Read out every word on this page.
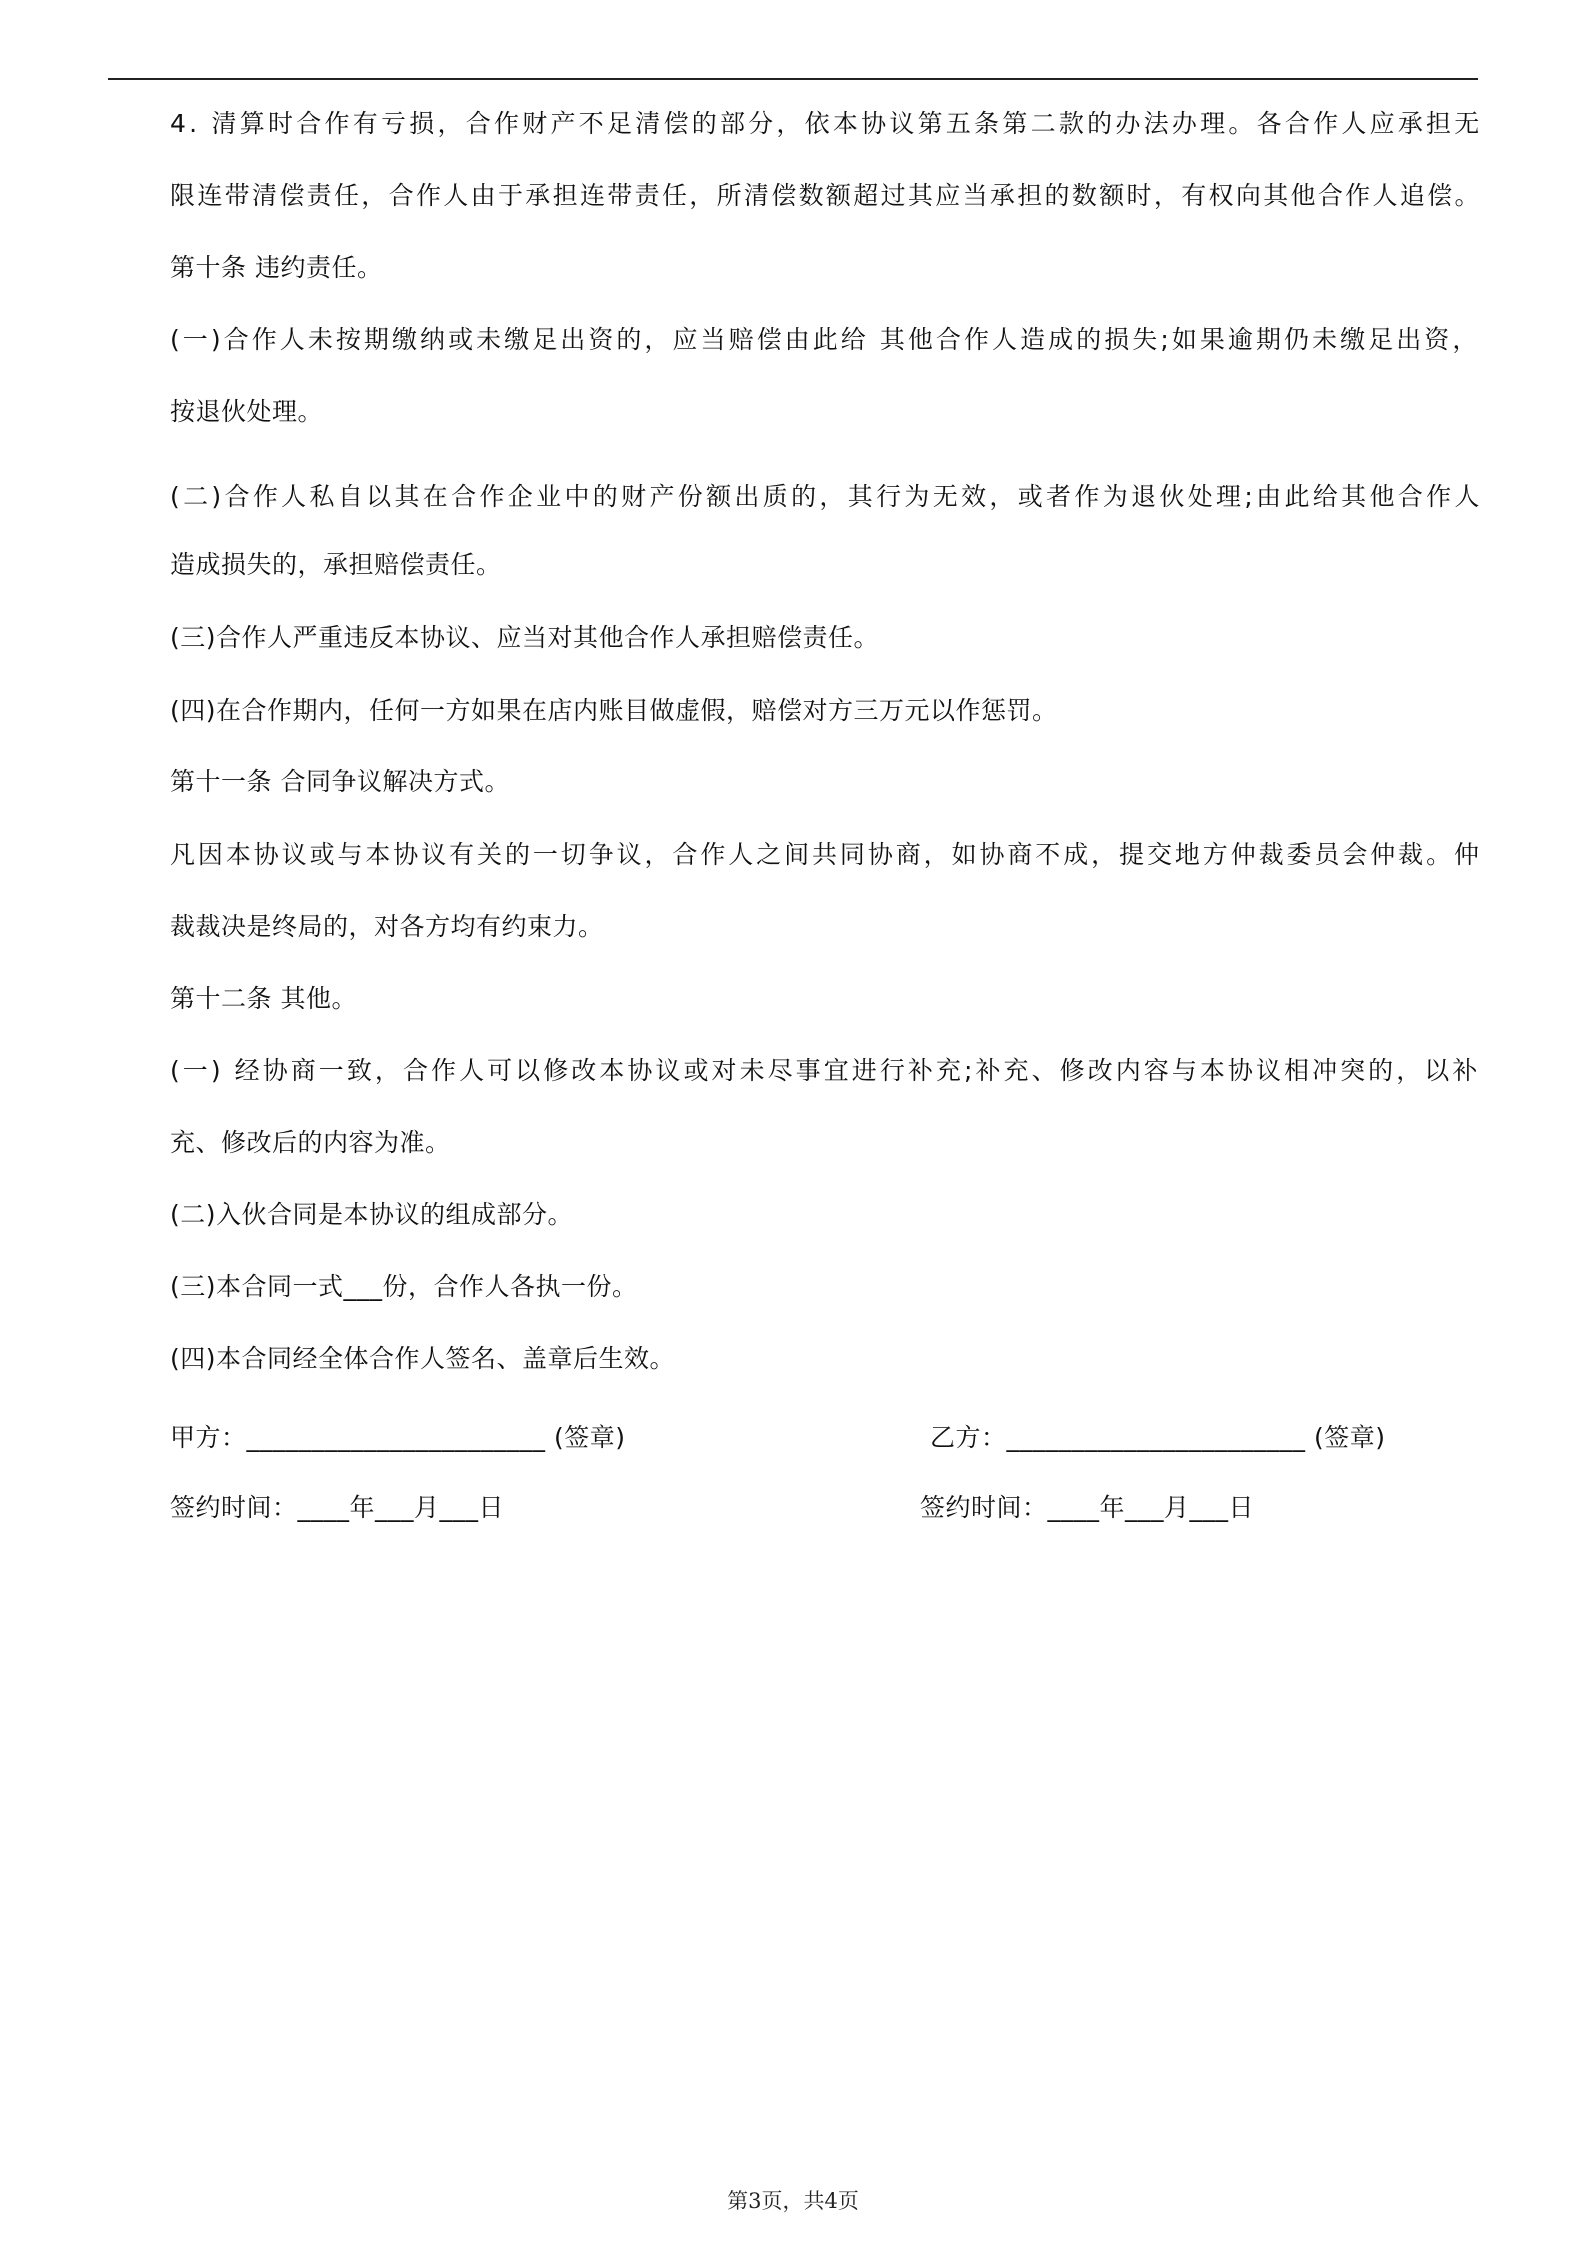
4. 清算时合作有亏损，合作财产不足清偿的部分，依本协议第五条第二款的办法办理。各合作人应承担无
限连带清偿责任，合作人由于承担连带责任，所清偿数额超过其应当承担的数额时，有权向其他合作人追偿。
第十条 违约责任。
(一)合作人未按期缴纳或未缴足出资的，应当赔偿由此给 其他合作人造成的损失;如果逾期仍未缴足出资，
按退伙处理。
(二)合作人私自以其在合作企业中的财产份额出质的，其行为无效，或者作为退伙处理;由此给其他合作人
造成损失的，承担赔偿责任。
(三)合作人严重违反本协议、应当对其他合作人承担赔偿责任。
(四)在合作期内，任何一方如果在店内账目做虚假，赔偿对方三万元以作惩罚。
第十一条 合同争议解决方式。
凡因本协议或与本协议有关的一切争议，合作人之间共同协商，如协商不成，提交地方仲裁委员会仲裁。仲
裁裁决是终局的，对各方均有约束力。
第十二条 其他。
(一) 经协商一致，合作人可以修改本协议或对未尽事宜进行补充;补充、修改内容与本协议相冲突的，以补
充、修改后的内容为准。
(二)入伙合同是本协议的组成部分。
(三)本合同一式___份，合作人各执一份。
(四)本合同经全体合作人签名、盖章后生效。
甲方：_______________________ (签章)	乙方：_______________________ (签章)
签约时间：____年___月___日	签约时间：____年___月___日
第3页，共4页
